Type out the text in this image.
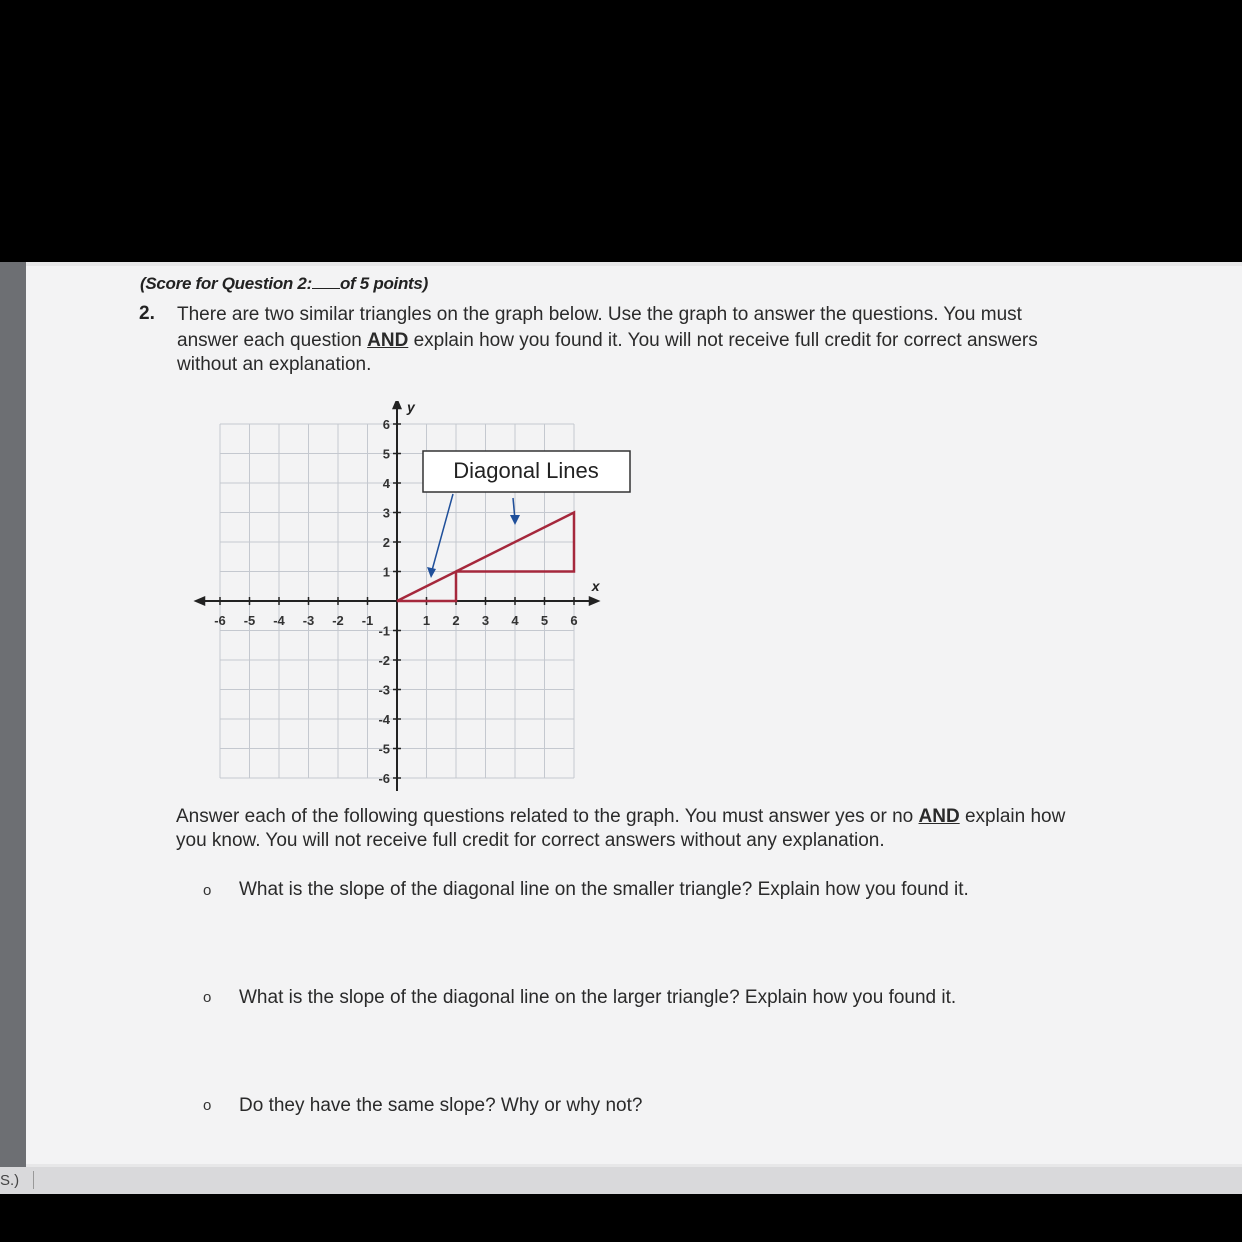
(Score for Question 2: of 5 points)
2. There are two similar triangles on the graph below. Use the graph to answer the questions. You must
answer each question AND explain how you found it. You will not receive full credit for correct answers
without an explanation.
-6 -5 -4 -3 -2 -1	1 2 3 4 5 6
6
5
4
3
2
1
-1
-2
-3
-4
-5
-6
x
y
Diagonal Lines
Answer each of the following questions related to the graph. You must answer yes or no AND explain how
you know. You will not receive full credit for correct answers without any explanation.
o What is the slope of the diagonal line on the smaller triangle? Explain how you found it.
o What is the slope of the diagonal line on the larger triangle? Explain how you found it.
o Do they have the same slope? Why or why not?
S.)
